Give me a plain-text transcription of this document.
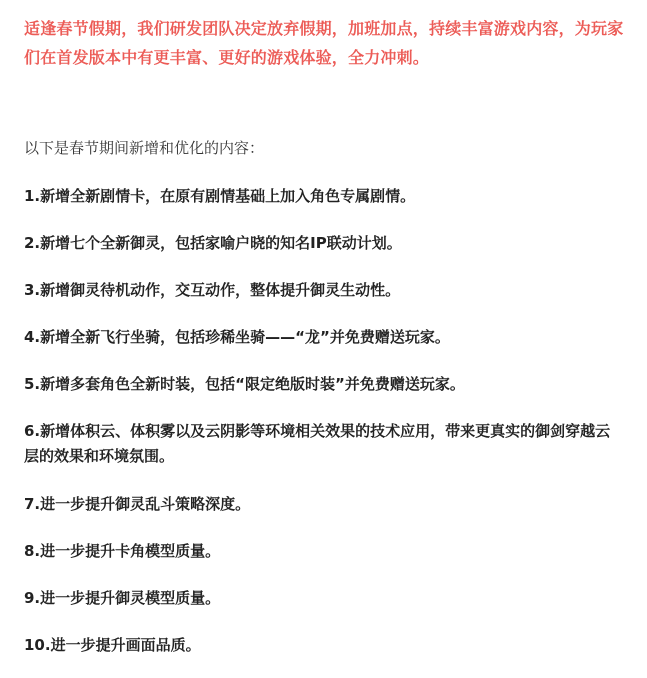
适逢春节假期，我们研发团队决定放弃假期，加班加点，持续丰富游戏内容，为玩家们在首发版本中有更丰富、更好的游戏体验，全力冲刺。

以下是春节期间新增和优化的内容：

1.新增全新剧情卡，在原有剧情基础上加入角色专属剧情。

2.新增七个全新御灵，包括家喻户晓的知名IP联动计划。

3.新增御灵待机动作，交互动作，整体提升御灵生动性。

4.新增全新飞行坐骑，包括珍稀坐骑——“龙”并免费赠送玩家。

5.新增多套角色全新时装，包括“限定绝版时装”并免费赠送玩家。

6.新增体积云、体积雾以及云阴影等环境相关效果的技术应用，带来更真实的御剑穿越云层的效果和环境氛围。

7.进一步提升御灵乱斗策略深度。

8.进一步提升卡角模型质量。

9.进一步提升御灵模型质量。

10.进一步提升画面品质。
